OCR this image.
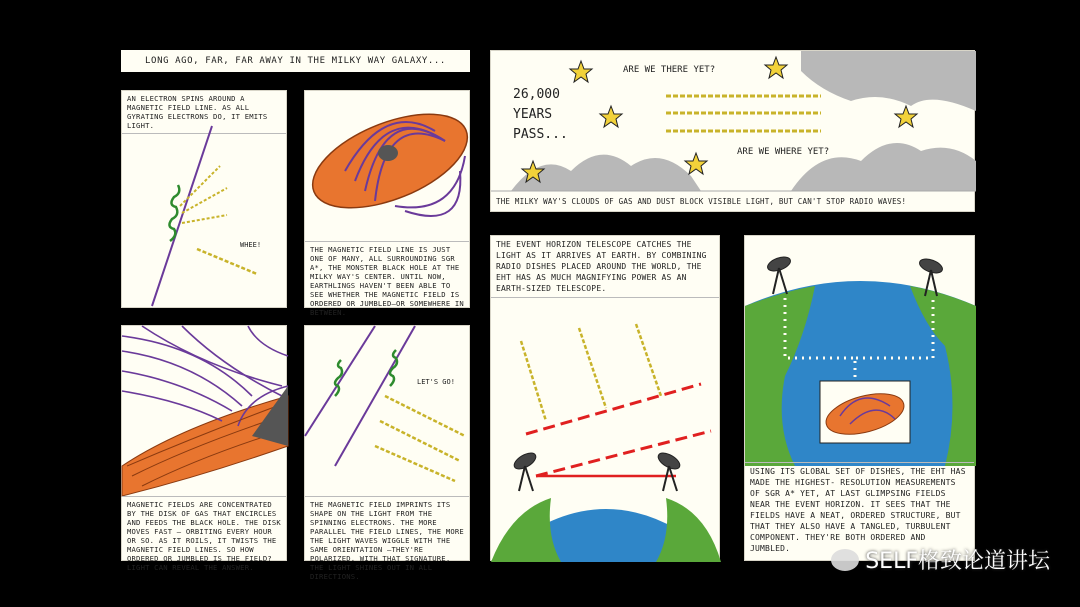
LONG AGO, FAR, FAR AWAY IN THE MILKY WAY GALAXY...
AN ELECTRON SPINS AROUND A MAGNETIC FIELD LINE. AS ALL GYRATING ELECTRONS DO, IT EMITS LIGHT.
WHEE!	THE MAGNETIC FIELD LINE IS JUST ONE OF MANY, ALL SURROUNDING SGR A*, THE MONSTER BLACK HOLE AT THE MILKY WAY'S CENTER. UNTIL NOW, EARTHLINGS HAVEN'T BEEN ABLE TO SEE WHETHER THE MAGNETIC FIELD IS ORDERED OR JUMBLED—OR SOMEWHERE IN BETWEEN.
MAGNETIC FIELDS ARE CONCENTRATED BY THE DISK OF GAS THAT ENCIRCLES AND FEEDS THE BLACK HOLE. THE DISK MOVES FAST — ORBITING EVERY HOUR OR SO. AS IT ROILS, IT TWISTS THE MAGNETIC FIELD LINES. SO HOW ORDERED OR JUMBLED IS THE FIELD? LIGHT CAN REVEAL THE ANSWER.
LET'S GO!
THE MAGNETIC FIELD IMPRINTS ITS SHAPE ON THE LIGHT FROM THE SPINNING ELECTRONS. THE MORE PARALLEL THE FIELD LINES, THE MORE THE LIGHT WAVES WIGGLE WITH THE SAME ORIENTATION —THEY'RE POLARIZED. WITH THAT SIGNATURE, THE LIGHT SHINES OUT IN ALL DIRECTIONS.
26,000
YEARS
PASS...
ARE WE THERE YET?
ARE WE WHERE YET?
THE MILKY WAY'S CLOUDS OF GAS AND DUST BLOCK VISIBLE LIGHT, BUT CAN'T STOP RADIO WAVES!
THE EVENT HORIZON TELESCOPE CATCHES THE LIGHT AS IT ARRIVES AT EARTH. BY COMBINING RADIO DISHES PLACED AROUND THE WORLD, THE EHT HAS AS MUCH MAGNIFYING POWER AS AN EARTH-SIZED TELESCOPE.
USING ITS GLOBAL SET OF DISHES, THE EHT HAS MADE THE HIGHEST- RESOLUTION MEASUREMENTS OF SGR A* YET, AT LAST GLIMPSING FIELDS NEAR THE EVENT HORIZON. IT SEES THAT THE FIELDS HAVE A NEAT, ORDERED STRUCTURE, BUT THAT THEY ALSO HAVE A TANGLED, TURBULENT COMPONENT. THEY'RE BOTH ORDERED AND JUMBLED.
SELF格致论道讲坛
